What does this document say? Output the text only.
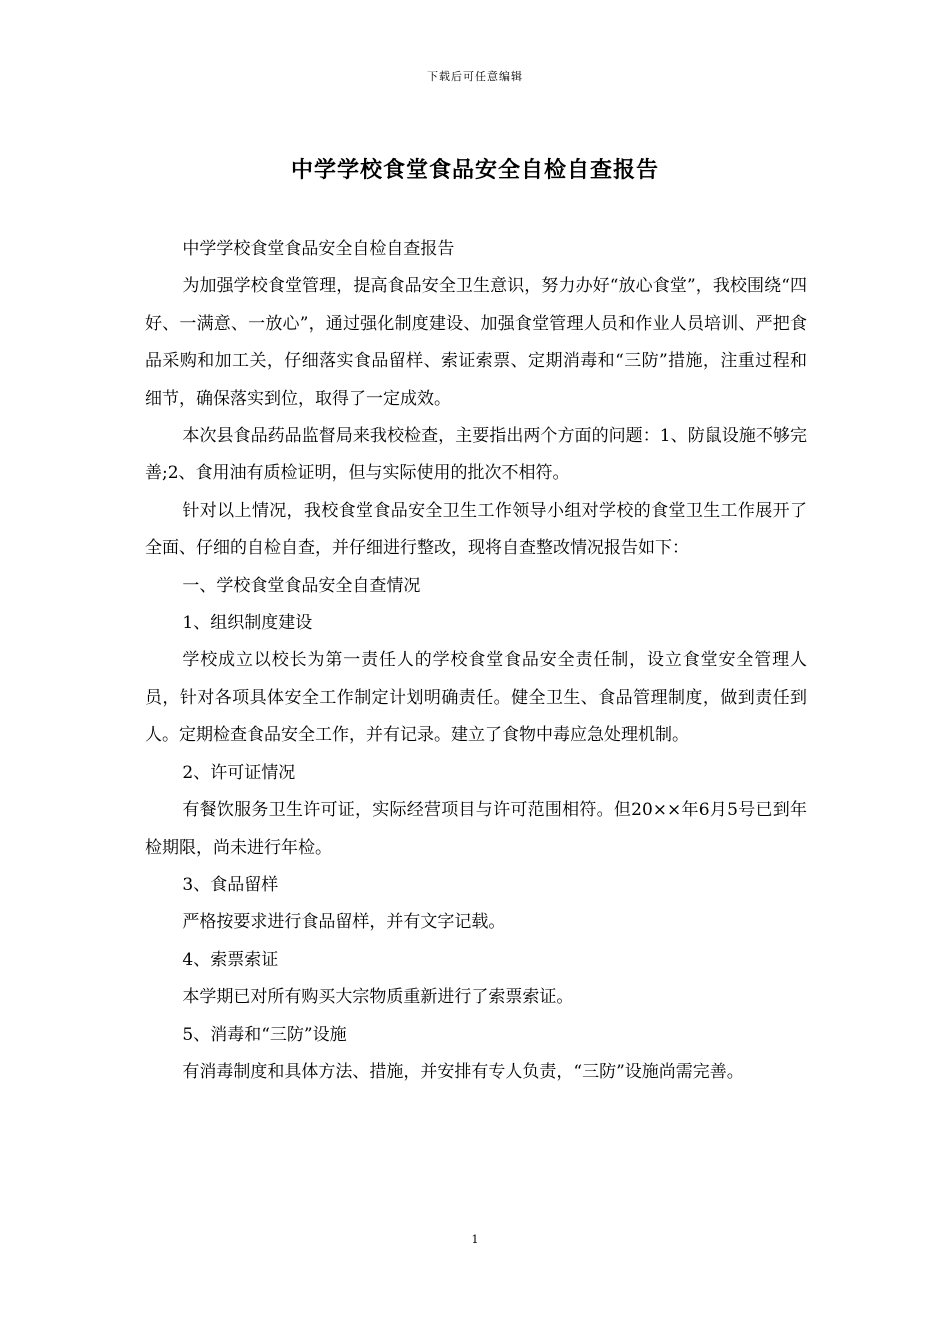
下载后可任意编辑
中学学校食堂食品安全自检自查报告

中学学校食堂食品安全自检自查报告

为加强学校食堂管理，提高食品安全卫生意识，努力办好“放心食堂”，我校围绕“四好、一满意、一放心”，通过强化制度建设、加强食堂管理人员和作业人员培训、严把食品采购和加工关，仔细落实食品留样、索证索票、定期消毒和“三防”措施，注重过程和细节，确保落实到位，取得了一定成效。

本次县食品药品监督局来我校检查，主要指出两个方面的问题：1、防鼠设施不够完善;2、食用油有质检证明，但与实际使用的批次不相符。

针对以上情况，我校食堂食品安全卫生工作领导小组对学校的食堂卫生工作展开了全面、仔细的自检自查，并仔细进行整改，现将自查整改情况报告如下：

一、学校食堂食品安全自查情况

1、组织制度建设

学校成立以校长为第一责任人的学校食堂食品安全责任制，设立食堂安全管理人员，针对各项具体安全工作制定计划明确责任。健全卫生、食品管理制度，做到责任到人。定期检查食品安全工作，并有记录。建立了食物中毒应急处理机制。

2、许可证情况

有餐饮服务卫生许可证，实际经营项目与许可范围相符。但20××年6月5号已到年检期限，尚未进行年检。

3、食品留样

严格按要求进行食品留样，并有文字记载。

4、索票索证

本学期已对所有购买大宗物质重新进行了索票索证。

5、消毒和“三防”设施

有消毒制度和具体方法、措施，并安排有专人负责，“三防”设施尚需完善。

1
